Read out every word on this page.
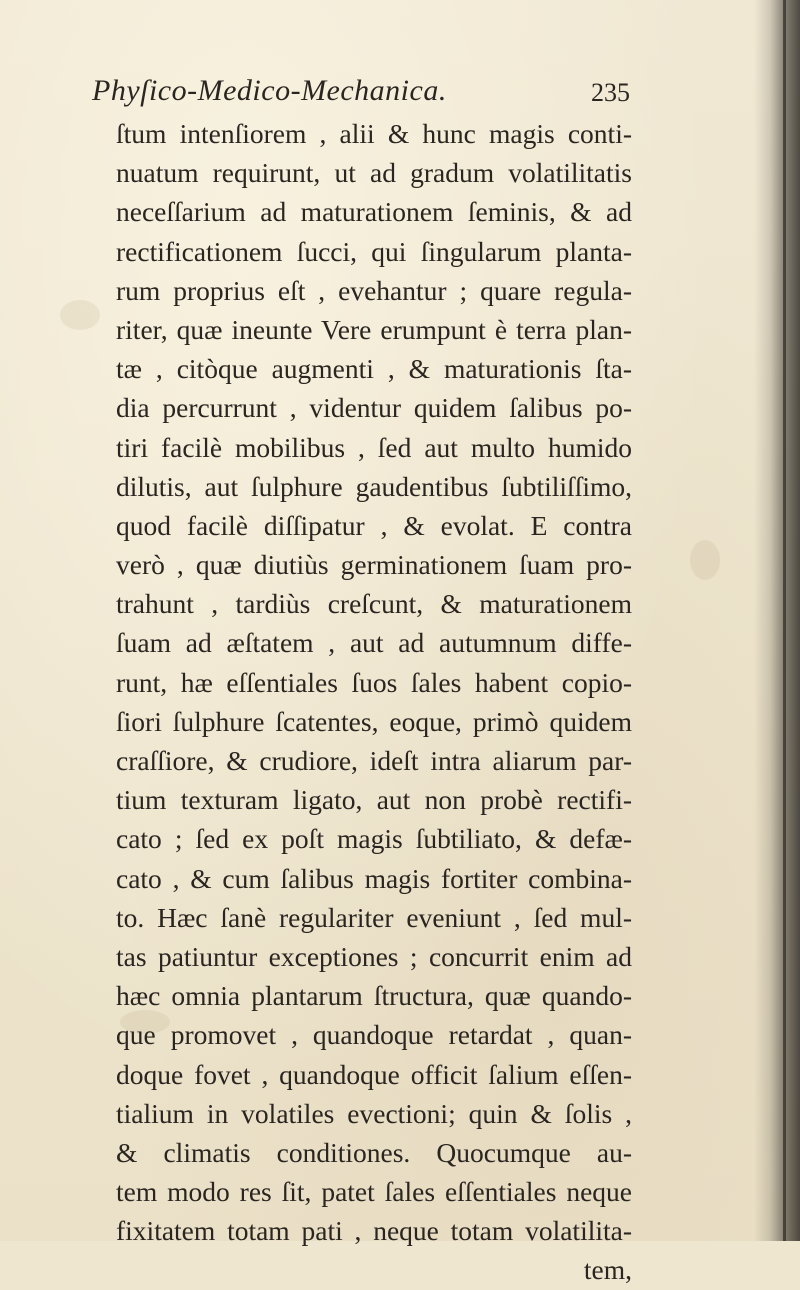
Phyſico-Medico-Mechanica.	235
ſtum intenſiorem , alii & hunc magis conti-
nuatum requirunt, ut ad gradum volatilitatis
neceſſarium ad maturationem ſeminis, & ad
rectificationem ſucci, qui ſingularum planta-
rum proprius eſt , evehantur ; quare regula-
riter, quæ ineunte Vere erumpunt è terra plan-
tæ , citòque augmenti , & maturationis ſta-
dia percurrunt , videntur quidem ſalibus po-
tiri facilè mobilibus , ſed aut multo humido
dilutis, aut ſulphure gaudentibus ſubtiliſſimo,
quod facilè diſſipatur , & evolat. E contra
verò , quæ diutiùs germinationem ſuam pro-
trahunt , tardiùs creſcunt, & maturationem
ſuam ad æſtatem , aut ad autumnum diffe-
runt, hæ eſſentiales ſuos ſales habent copio-
ſiori ſulphure ſcatentes, eoque, primò quidem
craſſiore, & crudiore, ideſt intra aliarum par-
tium texturam ligato, aut non probè rectifi-
cato ; ſed ex poſt magis ſubtiliato, & defæ-
cato , & cum ſalibus magis fortiter combina-
to. Hæc ſanè regulariter eveniunt , ſed mul-
tas patiuntur exceptiones ; concurrit enim ad
hæc omnia plantarum ſtructura, quæ quando-
que promovet , quandoque retardat , quan-
doque fovet , quandoque officit ſalium eſſen-
tialium in volatiles evectioni; quin & ſolis ,
& climatis conditiones. Quocumque au-
tem modo res ſit, patet ſales eſſentiales neque
fixitatem totam pati , neque totam volatilita-
tem,
